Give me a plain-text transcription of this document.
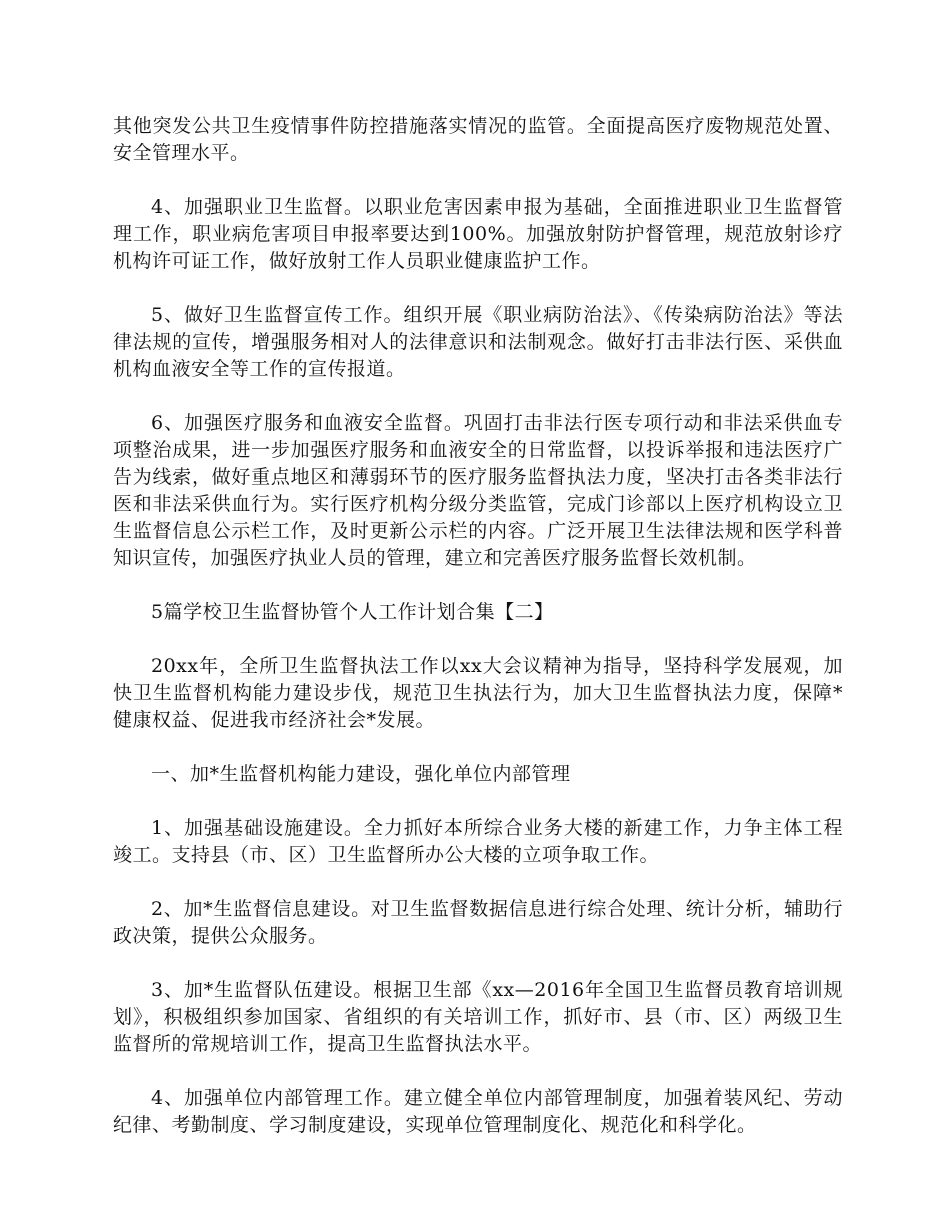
其他突发公共卫生疫情事件防控措施落实情况的监管。全面提高医疗废物规范处置、安全管理水平。

4、加强职业卫生监督。以职业危害因素申报为基础，全面推进职业卫生监督管理工作，职业病危害项目申报率要达到100%。加强放射防护督管理，规范放射诊疗机构许可证工作，做好放射工作人员职业健康监护工作。

5、做好卫生监督宣传工作。组织开展《职业病防治法》、《传染病防治法》等法律法规的宣传，增强服务相对人的法律意识和法制观念。做好打击非法行医、采供血机构血液安全等工作的宣传报道。

6、加强医疗服务和血液安全监督。巩固打击非法行医专项行动和非法采供血专项整治成果，进一步加强医疗服务和血液安全的日常监督，以投诉举报和违法医疗广告为线索，做好重点地区和薄弱环节的医疗服务监督执法力度，坚决打击各类非法行医和非法采供血行为。实行医疗机构分级分类监管，完成门诊部以上医疗机构设立卫生监督信息公示栏工作，及时更新公示栏的内容。广泛开展卫生法律法规和医学科普知识宣传，加强医疗执业人员的管理，建立和完善医疗服务监督长效机制。

5篇学校卫生监督协管个人工作计划合集【二】

20xx年，全所卫生监督执法工作以xx大会议精神为指导，坚持科学发展观，加快卫生监督机构能力建设步伐，规范卫生执法行为，加大卫生监督执法力度，保障*健康权益、促进我市经济社会*发展。

一、加*生监督机构能力建设，强化单位内部管理

1、加强基础设施建设。全力抓好本所综合业务大楼的新建工作，力争主体工程竣工。支持县（市、区）卫生监督所办公大楼的立项争取工作。

2、加*生监督信息建设。对卫生监督数据信息进行综合处理、统计分析，辅助行政决策，提供公众服务。

3、加*生监督队伍建设。根据卫生部《xx—2016年全国卫生监督员教育培训规划》，积极组织参加国家、省组织的有关培训工作，抓好市、县（市、区）两级卫生监督所的常规培训工作，提高卫生监督执法水平。

4、加强单位内部管理工作。建立健全单位内部管理制度，加强着装风纪、劳动纪律、考勤制度、学习制度建设，实现单位管理制度化、规范化和科学化。
